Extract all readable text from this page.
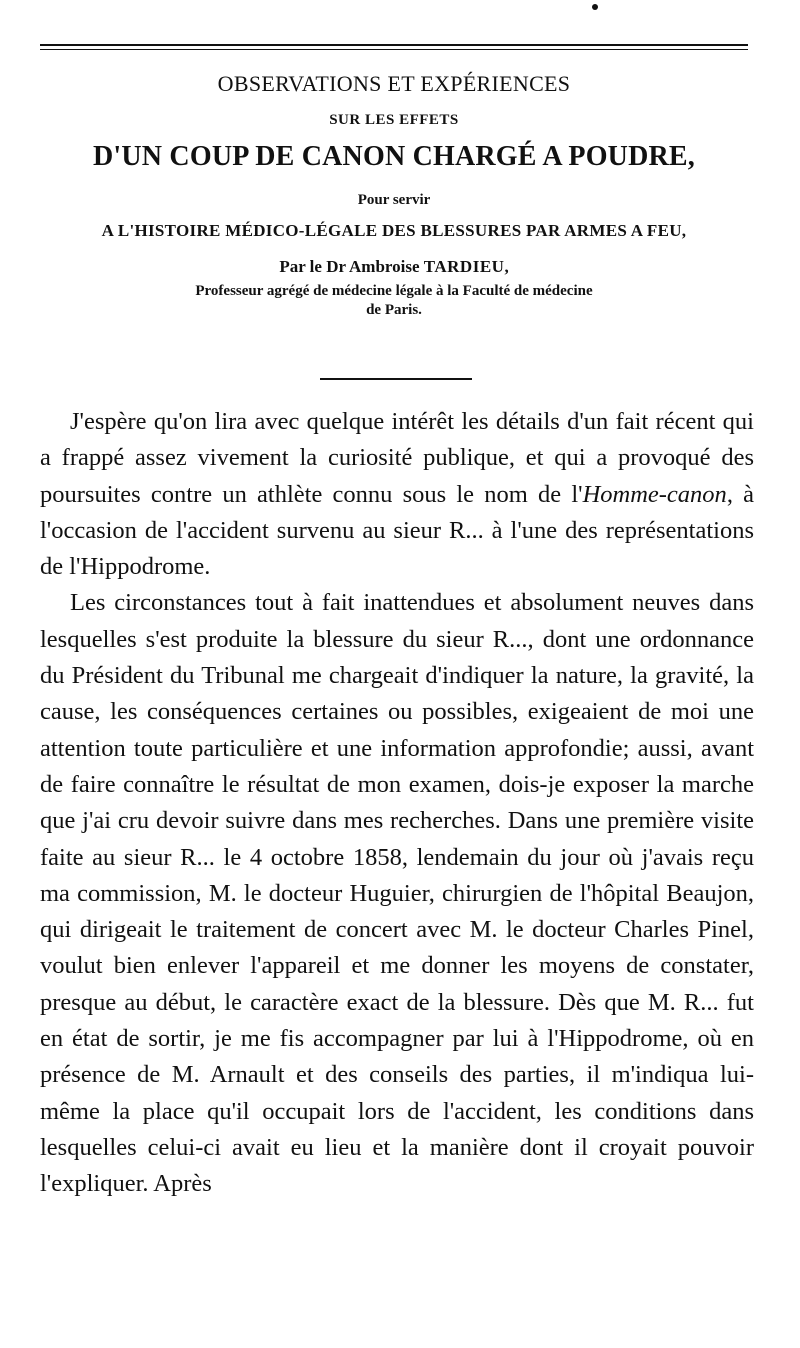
OBSERVATIONS ET EXPÉRIENCES
SUR LES EFFETS
D'UN COUP DE CANON CHARGÉ A POUDRE,
Pour servir
A L'HISTOIRE MÉDICO-LÉGALE DES BLESSURES PAR ARMES A FEU,
Par le Dr Ambroise TARDIEU,
Professeur agrégé de médecine légale à la Faculté de médecine
de Paris.

J'espère qu'on lira avec quelque intérêt les détails d'un fait récent qui a frappé assez vivement la curiosité publique, et qui a provoqué des poursuites contre un athlète connu sous le nom de l'Homme-canon, à l'occasion de l'accident survenu au sieur R... à l'une des représentations de l'Hippodrome.

Les circonstances tout à fait inattendues et absolument neuves dans lesquelles s'est produite la blessure du sieur R..., dont une ordonnance du Président du Tribunal me chargeait d'indiquer la nature, la gravité, la cause, les conséquences certaines ou possibles, exigeaient de moi une attention toute particulière et une information approfondie; aussi, avant de faire connaître le résultat de mon examen, dois-je exposer la marche que j'ai cru devoir suivre dans mes recherches. Dans une première visite faite au sieur R... le 4 octobre 1858, lendemain du jour où j'avais reçu ma commission, M. le docteur Huguier, chirurgien de l'hôpital Beaujon, qui dirigeait le traitement de concert avec M. le docteur Charles Pinel, voulut bien enlever l'appareil et me donner les moyens de constater, presque au début, le caractère exact de la blessure. Dès que M. R... fut en état de sortir, je me fis accompagner par lui à l'Hippodrome, où en présence de M. Arnault et des conseils des parties, il m'indiqua lui-même la place qu'il occupait lors de l'accident, les conditions dans lesquelles celui-ci avait eu lieu et la manière dont il croyait pouvoir l'expliquer. Après
